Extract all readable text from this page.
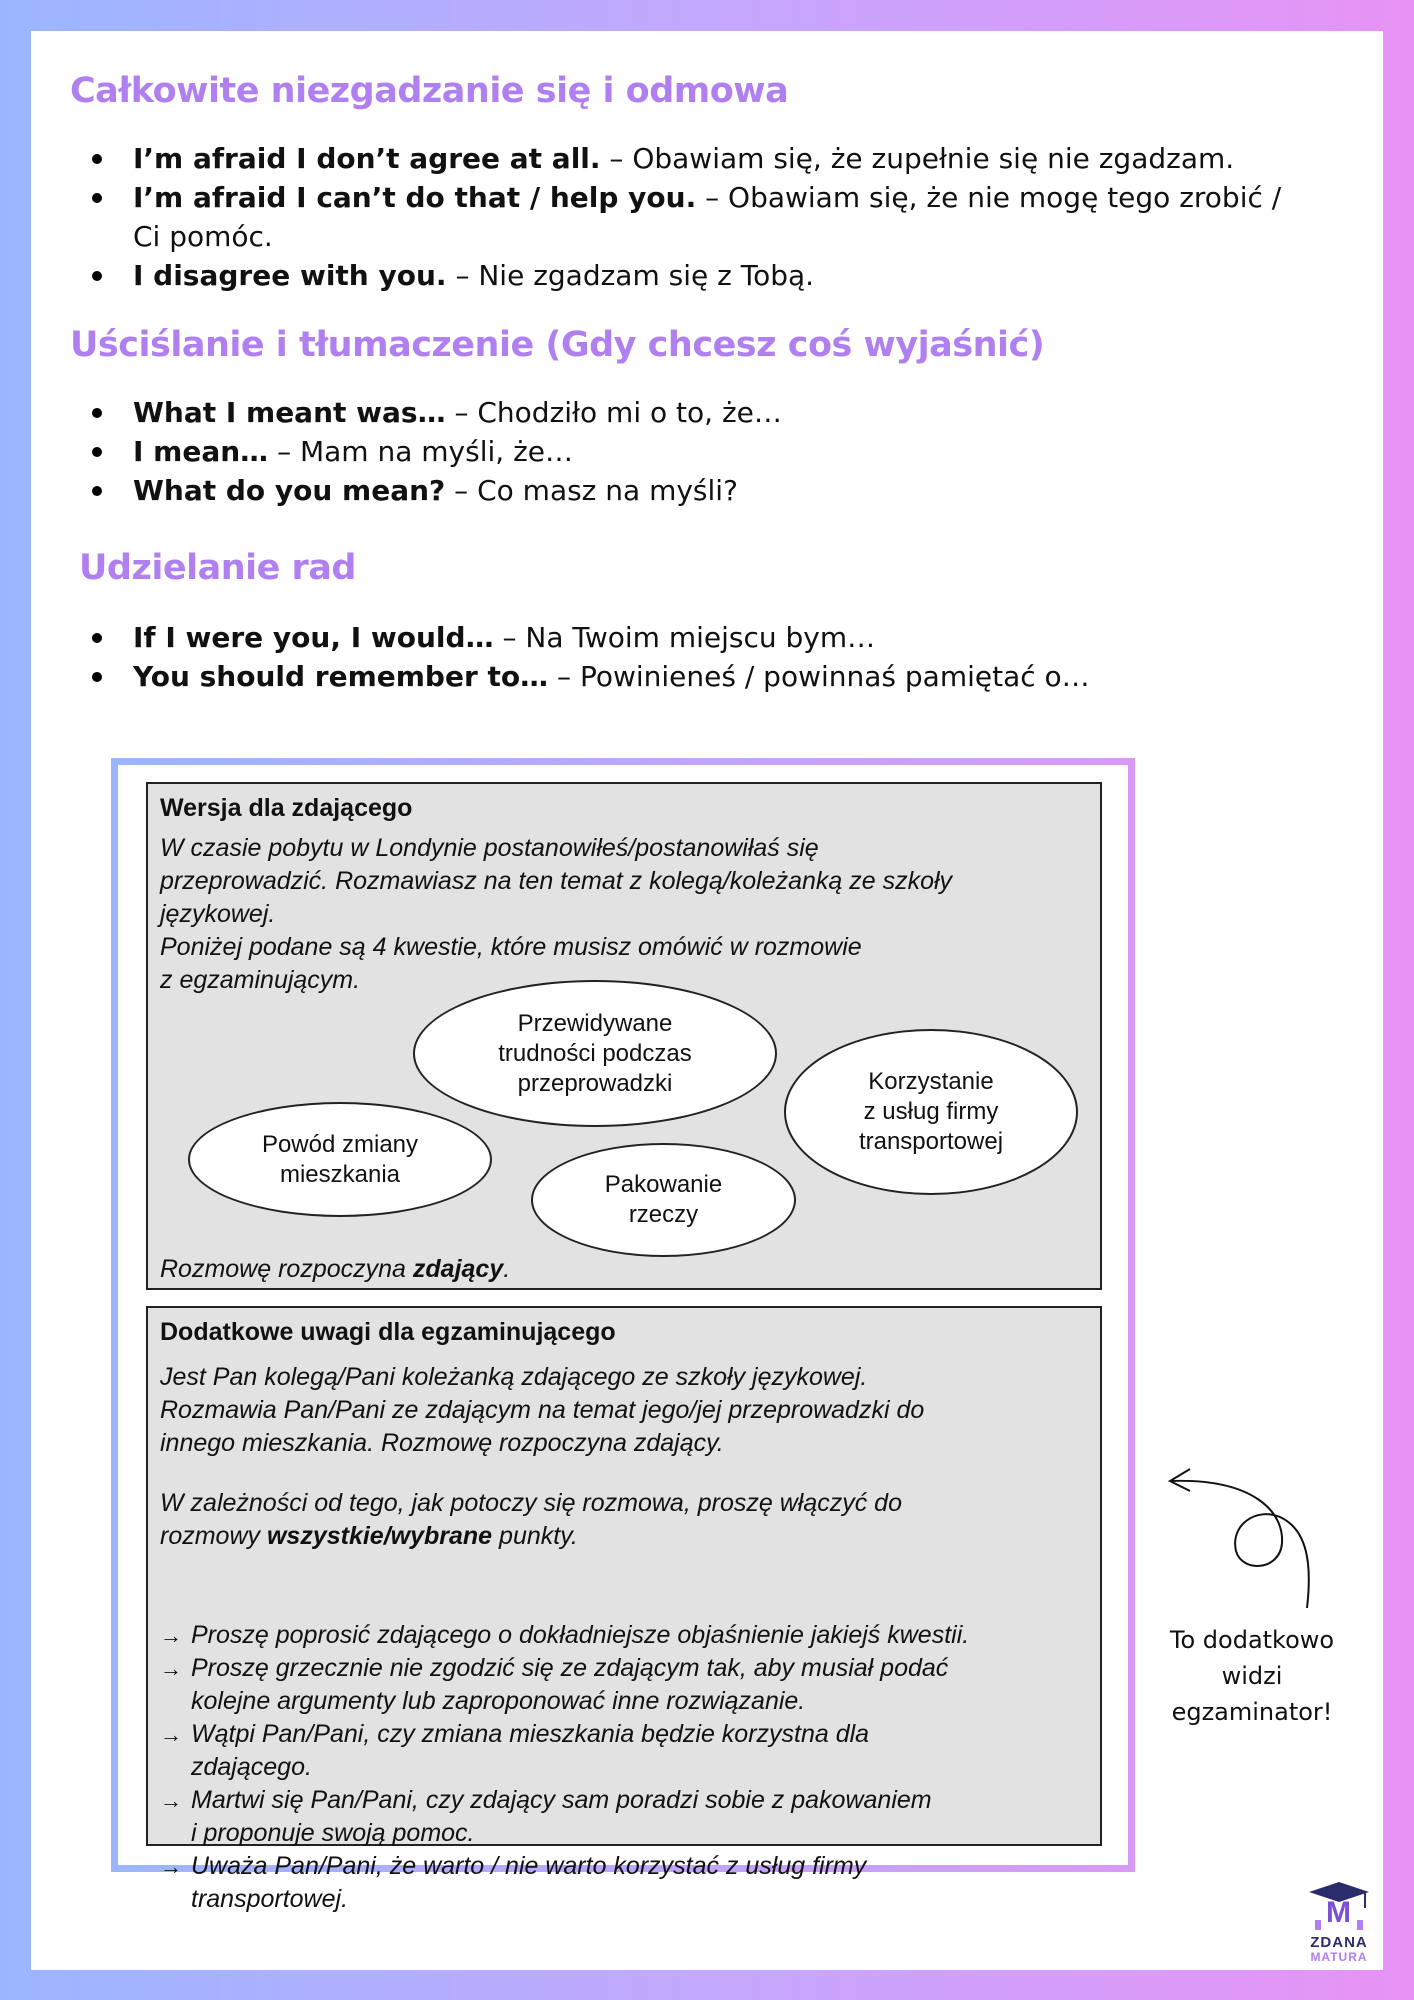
Całkowite niezgadzanie się i odmowa
I’m afraid I don’t agree at all. – Obawiam się, że zupełnie się nie zgadzam.
I’m afraid I can’t do that / help you. – Obawiam się, że nie mogę tego zrobić / Ci pomóc.
I disagree with you. – Nie zgadzam się z Tobą.
Uściślanie i tłumaczenie (Gdy chcesz coś wyjaśnić)
What I meant was… – Chodziło mi o to, że…
I mean… – Mam na myśli, że…
What do you mean? – Co masz na myśli?
Udzielanie rad
If I were you, I would… – Na Twoim miejscu bym…
You should remember to… – Powinieneś / powinnaś pamiętać o…

Wersja dla zdającego

W czasie pobytu w Londynie postanowiłeś/postanowiłaś się
przeprowadzić. Rozmawiasz na ten temat z kolegą/koleżanką ze szkoły
językowej.
Poniżej podane są 4 kwestie, które musisz omówić w rozmowie
z egzaminującym.

Przewidywane
trudności podczas
przeprowadzki	Korzystanie
z usług firmy
transportowej
Powód zmiany
mieszkania	Pakowanie
rzeczy

Rozmowę rozpoczyna zdający.

Dodatkowe uwagi dla egzaminującego

Jest Pan kolegą/Pani koleżanką zdającego ze szkoły językowej.
Rozmawia Pan/Pani ze zdającym na temat jego/jej przeprowadzki do
innego mieszkania. Rozmowę rozpoczyna zdający.

W zależności od tego, jak potoczy się rozmowa, proszę włączyć do
rozmowy wszystkie/wybrane punkty.

→ Proszę poprosić zdającego o dokładniejsze objaśnienie jakiejś kwestii.
→ Proszę grzecznie nie zgodzić się ze zdającym tak, aby musiał podać
kolejne argumenty lub zaproponować inne rozwiązanie.
→ Wątpi Pan/Pani, czy zmiana mieszkania będzie korzystna dla
zdającego.
→ Martwi się Pan/Pani, czy zdający sam poradzi sobie z pakowaniem
i proponuje swoją pomoc.
→ Uważa Pan/Pani, że warto / nie warto korzystać z usług firmy
transportowej.
To dodatkowo
widzi
egzaminator!
M
ZDANA
MATURA
